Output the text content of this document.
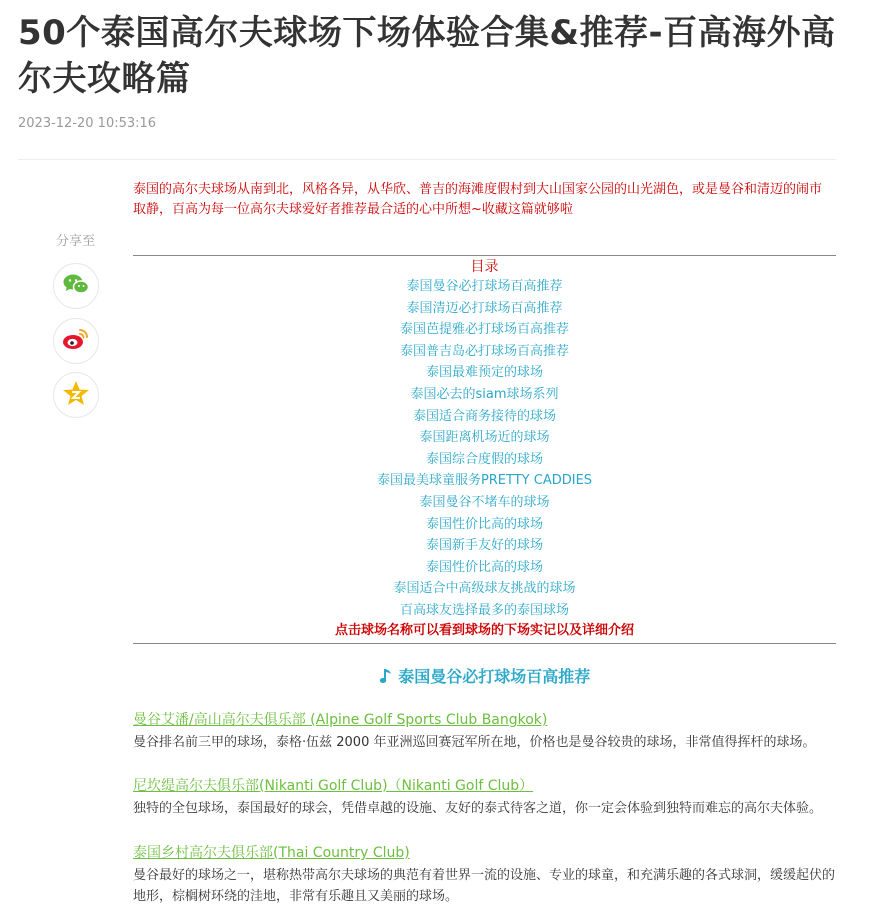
50个泰国高尔夫球场下场体验合集&推荐-百高海外高尔夫攻略篇
2023-12-20 10:53:16
分享至
泰国的高尔夫球场从南到北，风格各异，从华欣、普吉的海滩度假村到大山国家公园的山光湖色，或是曼谷和清迈的闹市取静，百高为每一位高尔夫球爱好者推荐最合适的心中所想~收藏这篇就够啦
目录
泰国曼谷必打球场百高推荐
泰国清迈必打球场百高推荐
泰国芭提雅必打球场百高推荐
泰国普吉岛必打球场百高推荐
泰国最难预定的球场
泰国必去的siam球场系列
泰国适合商务接待的球场
泰国距离机场近的球场
泰国综合度假的球场
泰国最美球童服务PRETTY CADDIES
泰国曼谷不堵车的球场
泰国性价比高的球场
泰国新手友好的球场
泰国性价比高的球场
泰国适合中高级球友挑战的球场
百高球友选择最多的泰国球场
点击球场名称可以看到球场的下场实记以及详细介绍
泰国曼谷必打球场百高推荐
曼谷艾潘/高山高尔夫俱乐部 (Alpine Golf Sports Club Bangkok)
曼谷排名前三甲的球场，泰格·伍兹 2000 年亚洲巡回赛冠军所在地，价格也是曼谷较贵的球场，非常值得挥杆的球场。
尼坎缇高尔夫俱乐部(Nikanti Golf Club)（Nikanti Golf Club）
独特的全包球场，泰国最好的球会，凭借卓越的设施、友好的泰式待客之道，你一定会体验到独特而难忘的高尔夫体验。
泰国乡村高尔夫俱乐部(Thai Country Club)
曼谷最好的球场之一，堪称热带高尔夫球场的典范有着世界一流的设施、专业的球童，和充满乐趣的各式球洞，缓缓起伏的地形，棕榈树环绕的洼地，非常有乐趣且又美丽的球场。
